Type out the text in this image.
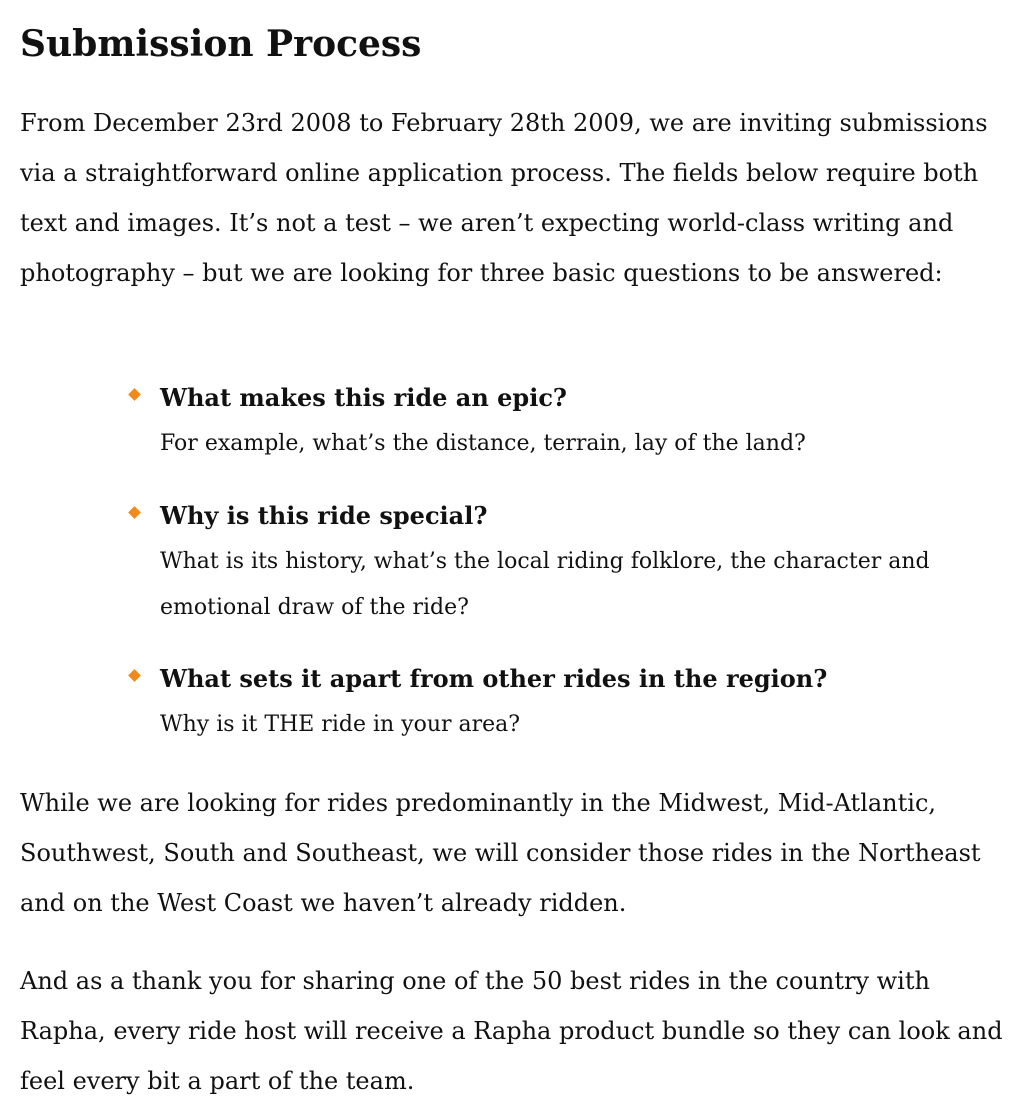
Submission Process

From December 23rd 2008 to February 28th 2009, we are inviting submissions via a straightforward online application process. The fields below require both text and images. It’s not a test – we aren’t expecting world-class writing and photography – but we are looking for three basic questions to be answered:

What makes this ride an epic?

For example, what’s the distance, terrain, lay of the land?

Why is this ride special?

What is its history, what’s the local riding folklore, the character and emotional draw of the ride?

What sets it apart from other rides in the region?

Why is it THE ride in your area?

While we are looking for rides predominantly in the Midwest, Mid-Atlantic, Southwest, South and Southeast, we will consider those rides in the Northeast and on the West Coast we haven’t already ridden.

And as a thank you for sharing one of the 50 best rides in the country with Rapha, every ride host will receive a Rapha product bundle so they can look and feel every bit a part of the team.
